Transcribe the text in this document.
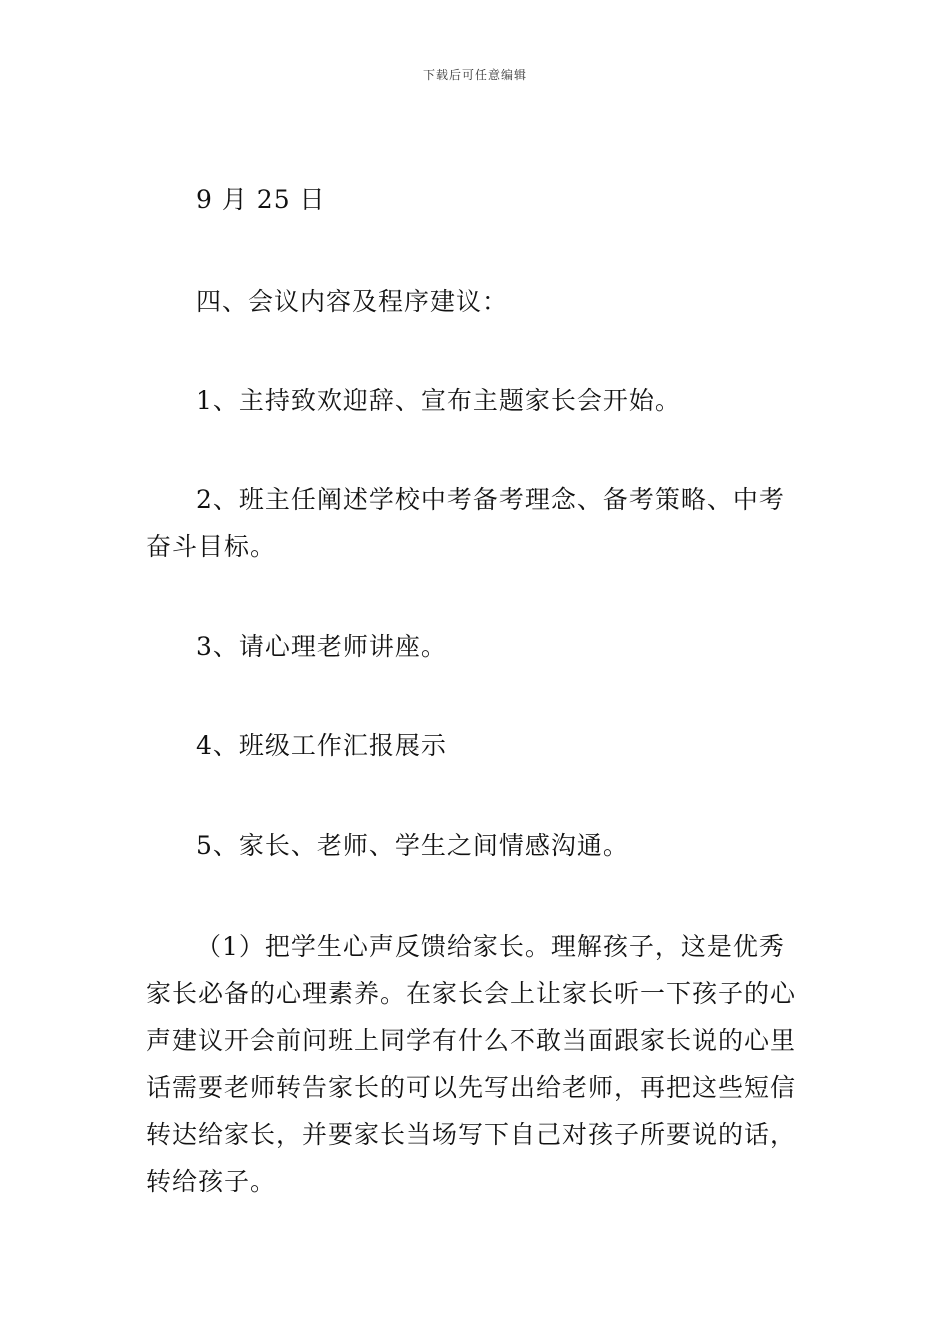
下载后可任意编辑

9 月 25 日

四、会议内容及程序建议：

1、主持致欢迎辞、宣布主题家长会开始。

2、班主任阐述学校中考备考理念、备考策略、中考奋斗目标。

3、请心理老师讲座。

4、班级工作汇报展示

5、家长、老师、学生之间情感沟通。

（1）把学生心声反馈给家长。理解孩子，这是优秀家长必备的心理素养。在家长会上让家长听一下孩子的心声建议开会前问班上同学有什么不敢当面跟家长说的心里话需要老师转告家长的可以先写出给老师，再把这些短信转达给家长，并要家长当场写下自己对孩子所要说的话，转给孩子。
